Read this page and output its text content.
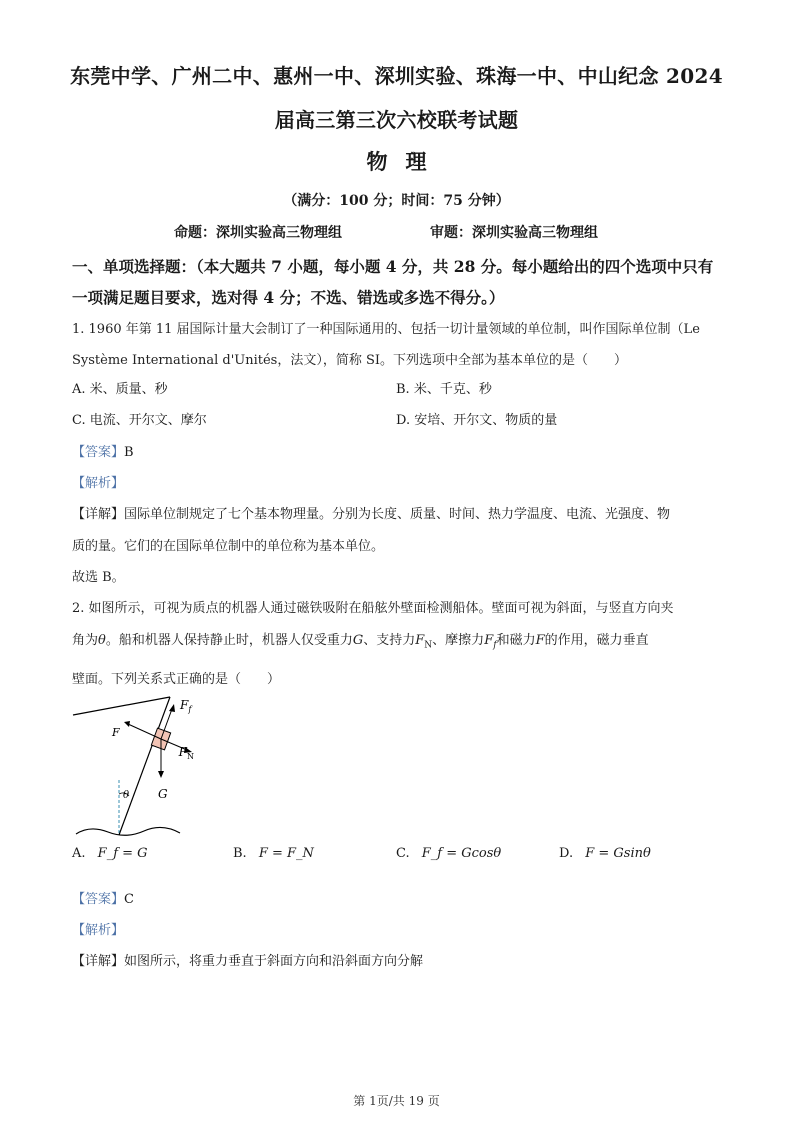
东莞中学、广州二中、惠州一中、深圳实验、珠海一中、中山纪念 2024
届高三第三次六校联考试题
物理
（满分：100 分；时间：75 分钟）
命题：深圳实验高三物理组	审题：深圳实验高三物理组
一、单项选择题：（本大题共 7 小题，每小题 4 分，共 28 分。每小题给出的四个选项中只有
一项满足题目要求，选对得 4 分；不选、错选或多选不得分。）
1. 1960 年第 11 届国际计量大会制订了一种国际通用的、包括一切计量领域的单位制，叫作国际单位制（Le
Système International d'Unités，法文），简称 SI。下列选项中全部为基本单位的是（　　）
A. 米、质量、秒	B. 米、千克、秒
C. 电流、开尔文、摩尔	D. 安培、开尔文、物质的量
【答案】B
【解析】
【详解】国际单位制规定了七个基本物理量。分别为长度、质量、时间、热力学温度、电流、光强度、物
质的量。它们的在国际单位制中的单位称为基本单位。
故选 B。
2. 如图所示，可视为质点的机器人通过磁铁吸附在船舷外壁面检测船体。壁面可视为斜面，与竖直方向夹
角为θ。船和机器人保持静止时，机器人仅受重力G、支持力$F_N$、摩擦力$F_f$和磁力F的作用，磁力垂直
壁面。下列关系式正确的是（　　）
θ
$F_f$
F
$F_N$
G
A. F_f = G	B. F = F_N	C. F_f = Gcosθ	D. F = Gsinθ
【答案】C
【解析】
【详解】如图所示，将重力垂直于斜面方向和沿斜面方向分解
第 1页/共 19 页
